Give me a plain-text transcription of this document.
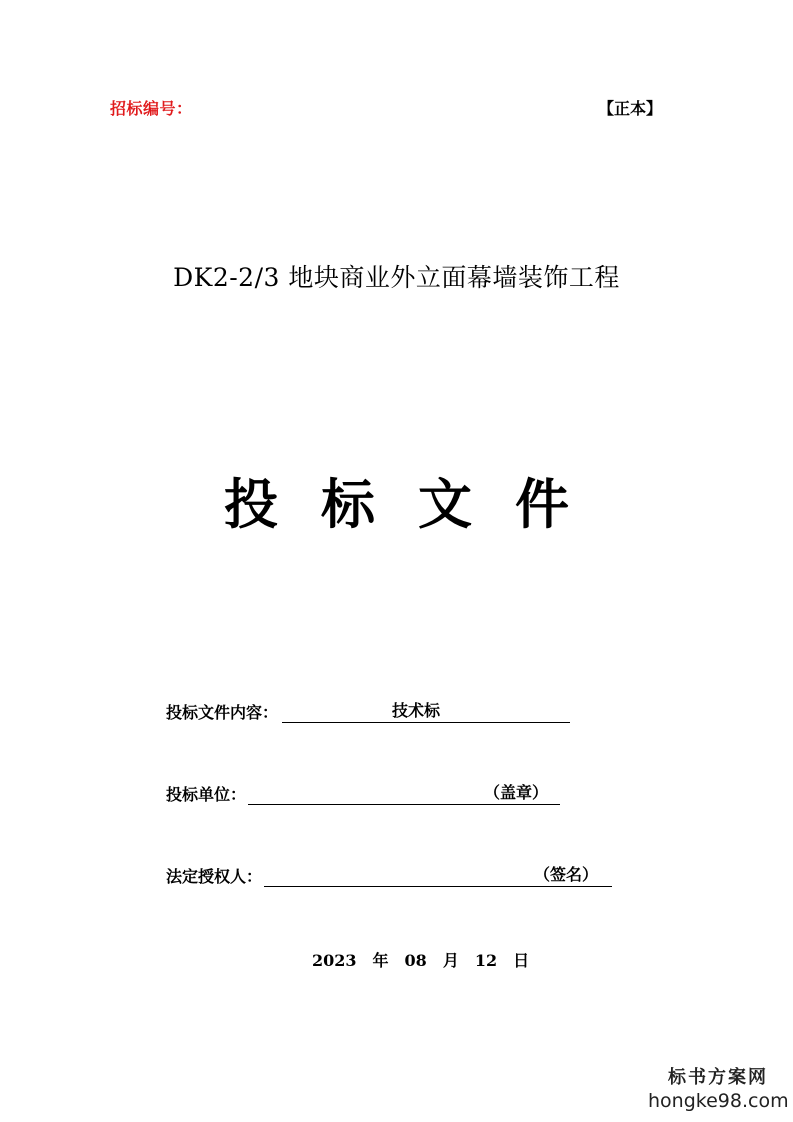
招标编号：	【正本】
DK2-2/3 地块商业外立面幕墙装饰工程
投 标 文 件
投标文件内容：	技术标
投标单位：	（盖章）
法定授权人：	（签名）
2023 年 08 月 12 日
标书方案网
hongke98.com
